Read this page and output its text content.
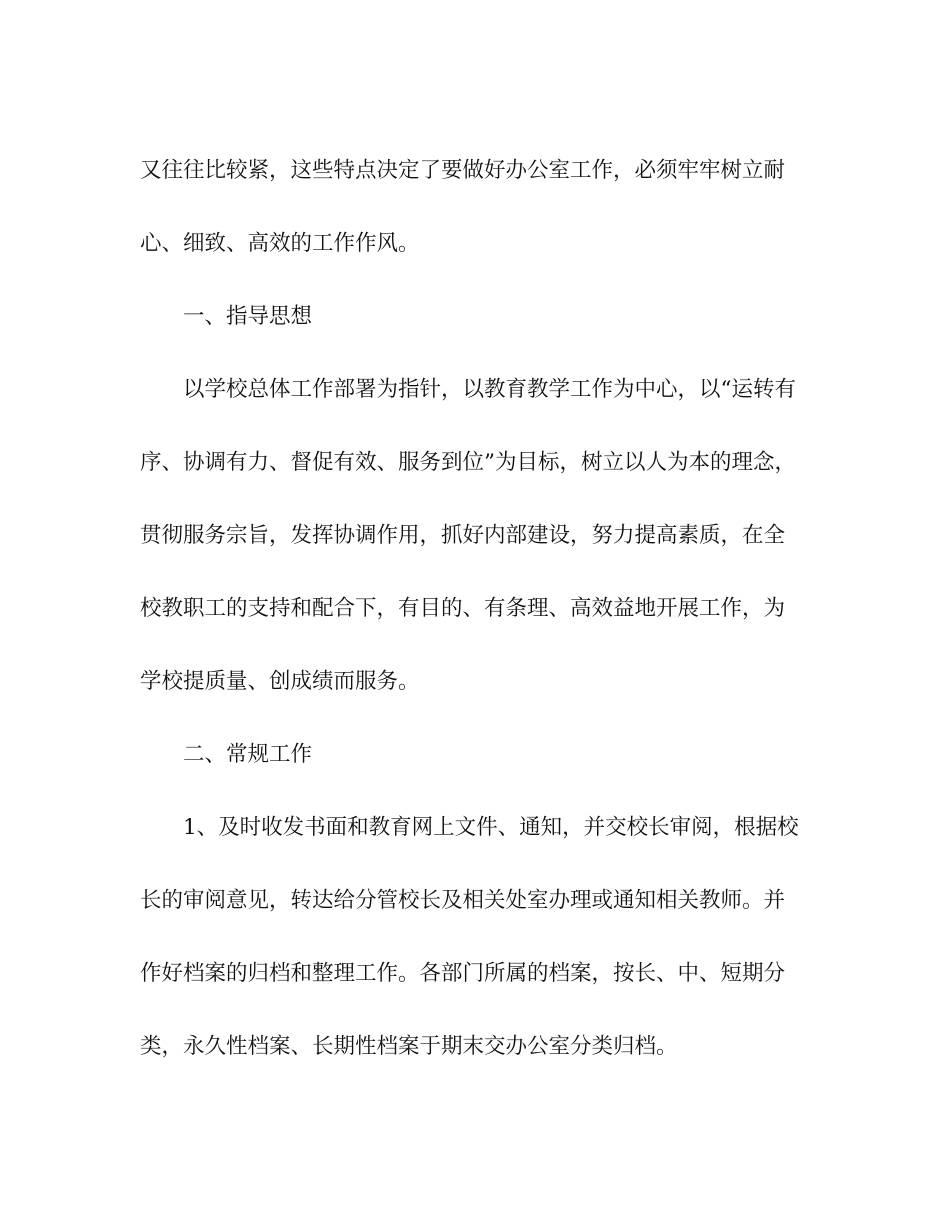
又往往比较紧，这些特点决定了要做好办公室工作，必须牢牢树立耐
心、细致、高效的工作作风。
一、指导思想
以学校总体工作部署为指针，以教育教学工作为中心，以“运转有
序、协调有力、督促有效、服务到位”为目标，树立以人为本的理念，
贯彻服务宗旨，发挥协调作用，抓好内部建设，努力提高素质，在全
校教职工的支持和配合下，有目的、有条理、高效益地开展工作，为
学校提质量、创成绩而服务。
二、常规工作
1、及时收发书面和教育网上文件、通知，并交校长审阅，根据校
长的审阅意见，转达给分管校长及相关处室办理或通知相关教师。并
作好档案的归档和整理工作。各部门所属的档案，按长、中、短期分
类，永久性档案、长期性档案于期末交办公室分类归档。
